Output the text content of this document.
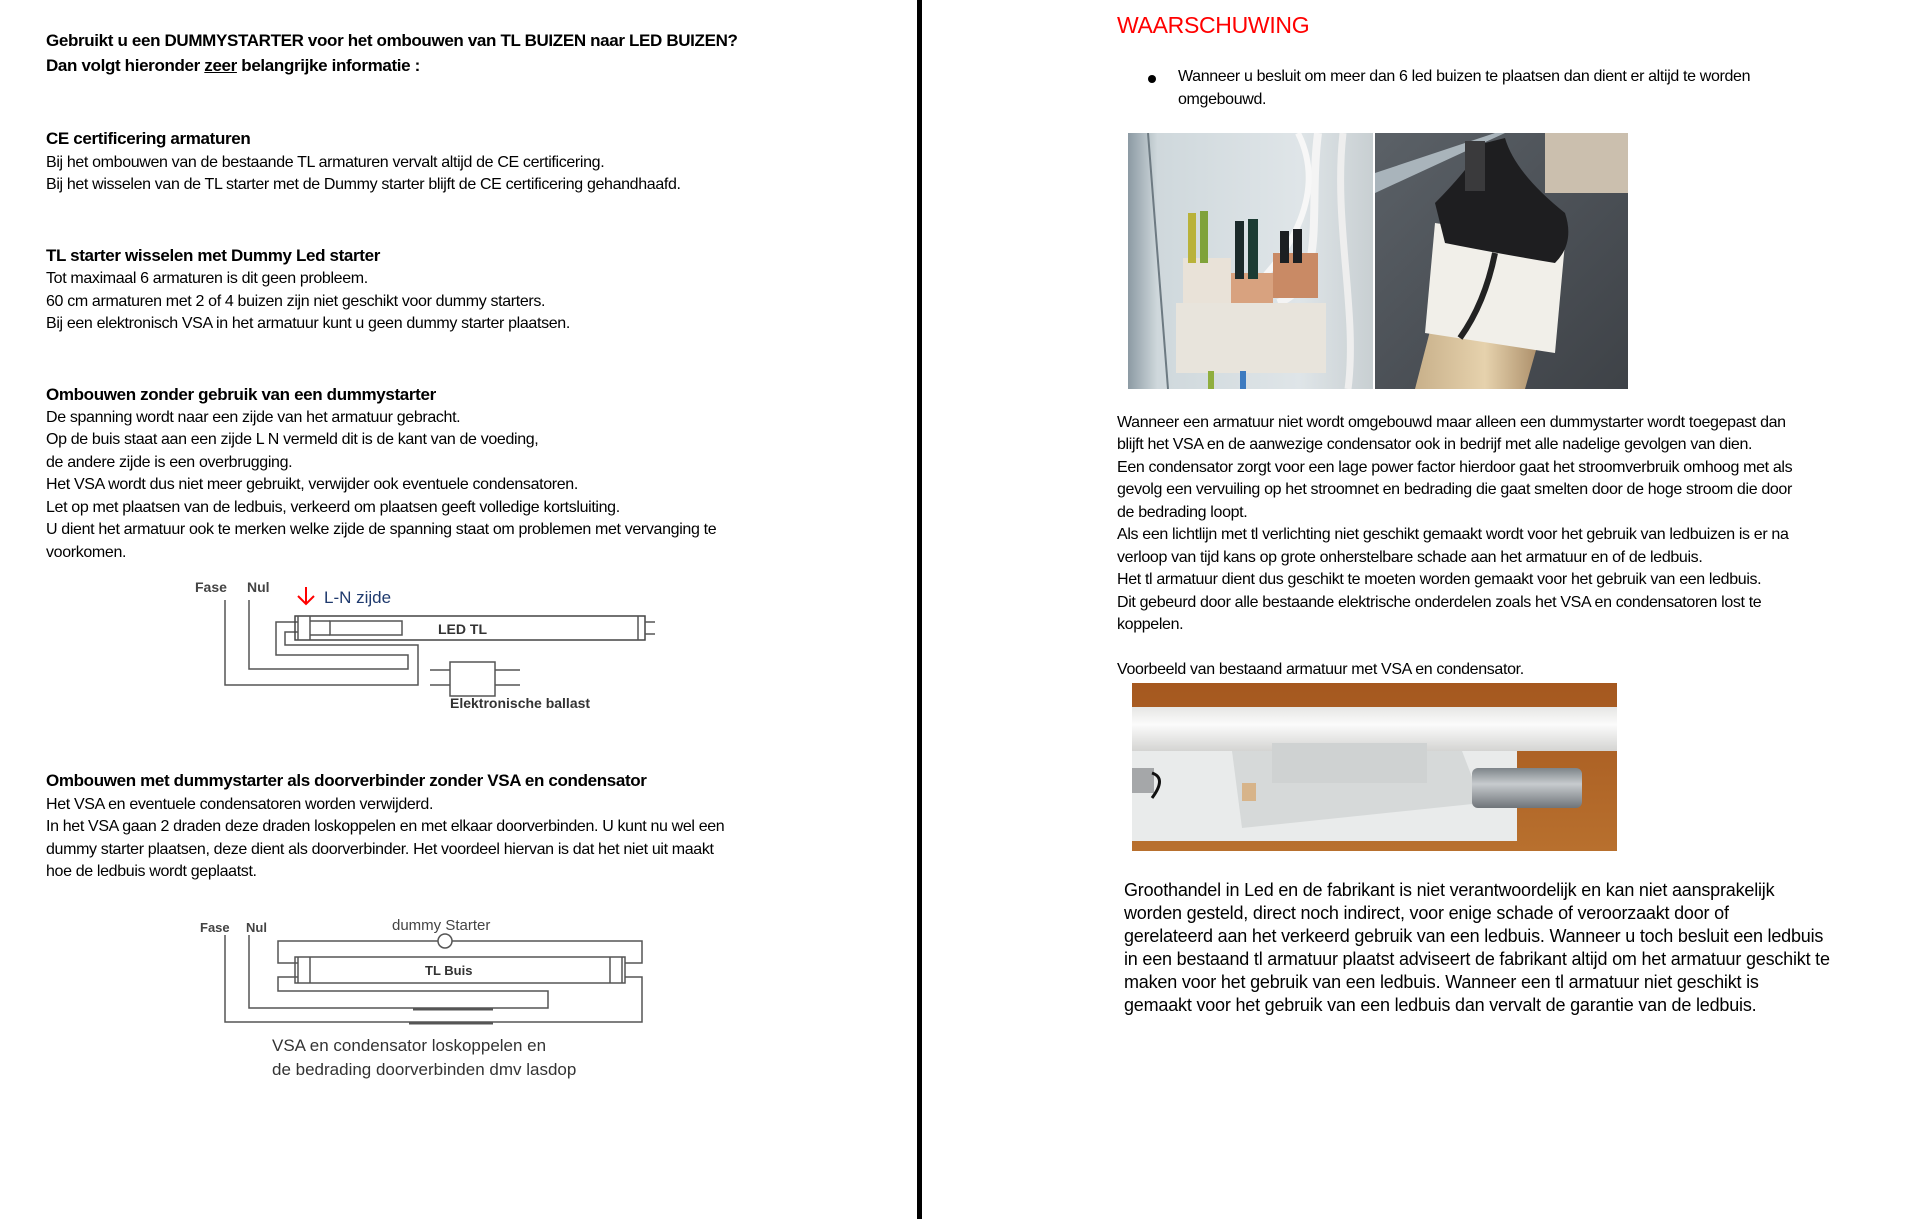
Gebruikt u een DUMMYSTARTER voor het ombouwen van TL BUIZEN naar LED BUIZEN?
Dan volgt hieronder zeer belangrijke informatie :
CE certificering armaturen
Bij het ombouwen van de bestaande TL armaturen vervalt altijd de CE certificering.
Bij het wisselen van de TL starter met de Dummy starter blijft de CE certificering gehandhaafd.
TL starter wisselen met Dummy Led starter
Tot maximaal 6 armaturen is dit geen probleem.
60 cm armaturen met 2 of 4 buizen zijn niet geschikt voor dummy starters.
Bij een elektronisch VSA in het armatuur kunt u geen dummy starter plaatsen.
Ombouwen zonder gebruik van een dummystarter
De spanning wordt naar een zijde van het armatuur gebracht.
Op de buis staat aan een zijde L N vermeld dit is de kant van de voeding,
de andere zijde is een overbrugging.
Het VSA wordt dus niet meer gebruikt, verwijder ook eventuele condensatoren.
Let op met plaatsen van de ledbuis, verkeerd om plaatsen geeft volledige kortsluiting.
U dient het armatuur ook te merken welke zijde de spanning staat om problemen met vervanging te
voorkomen.
Fase Nul
L-N zijde
LED TL
Elektronische ballast
Ombouwen met dummystarter als doorverbinder zonder VSA en condensator
Het VSA en eventuele condensatoren worden verwijderd.
In het VSA gaan 2 draden deze draden loskoppelen en met elkaar doorverbinden. U kunt nu wel een
dummy starter plaatsen, deze dient als doorverbinder. Het voordeel hiervan is dat het niet uit maakt
hoe de ledbuis wordt geplaatst.
Fase Nul	dummy Starter
TL Buis
VSA en condensator loskoppelen en
de bedrading doorverbinden dmv lasdop
WAARSCHUWING
Wanneer u besluit om meer dan 6 led buizen te plaatsen dan dient er altijd te worden
omgebouwd.
Wanneer een armatuur niet wordt omgebouwd maar alleen een dummystarter wordt toegepast dan
blijft het VSA en de aanwezige condensator ook in bedrijf met alle nadelige gevolgen van dien.
Een condensator zorgt voor een lage power factor hierdoor gaat het stroomverbruik omhoog met als
gevolg een vervuiling op het stroomnet en bedrading die gaat smelten door de hoge stroom die door
de bedrading loopt.
Als een lichtlijn met tl verlichting niet geschikt gemaakt wordt voor het gebruik van ledbuizen is er na
verloop van tijd kans op grote onherstelbare schade aan het armatuur en of de ledbuis.
Het tl armatuur dient dus geschikt te moeten worden gemaakt voor het gebruik van een ledbuis.
Dit gebeurd door alle bestaande elektrische onderdelen zoals het VSA en condensatoren lost te
koppelen.
Voorbeeld van bestaand armatuur met VSA en condensator.
Groothandel in Led en de fabrikant is niet verantwoordelijk en kan niet aansprakelijk
worden gesteld, direct noch indirect, voor enige schade of veroorzaakt door of
gerelateerd aan het verkeerd gebruik van een ledbuis. Wanneer u toch besluit een ledbuis
in een bestaand tl armatuur plaatst adviseert de fabrikant altijd om het armatuur geschikt te
maken voor het gebruik van een ledbuis. Wanneer een tl armatuur niet geschikt is
gemaakt voor het gebruik van een ledbuis dan vervalt de garantie van de ledbuis.
